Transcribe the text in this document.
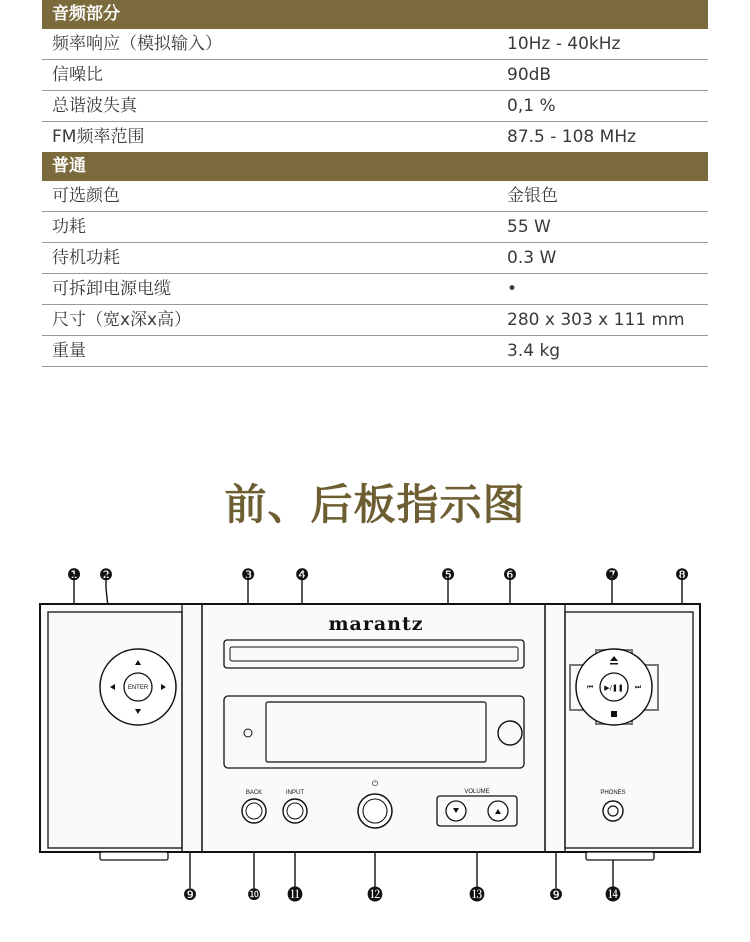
音频部分
频率响应（模拟输入）	10Hz - 40kHz
信噪比	90dB
总谐波失真	0,1 %
FM频率范围	87.5 - 108 MHz
普通
可选颜色	金银色
功耗	55 W
待机功耗	0.3 W
可拆卸电源电缆	•
尺寸（宽x深x高）	280 x 303 x 111 mm
重量	3.4 kg
前、后板指示图
marantz
ENTER	▶/❚❚
⏮	⏭
BACK	INPUT
⏻
VOLUME	PHONES
❶ ❷	❸ ❹	❺	❻	❼	❽
❾	❿ ⓫	⓬	⓭	❾	⓮
